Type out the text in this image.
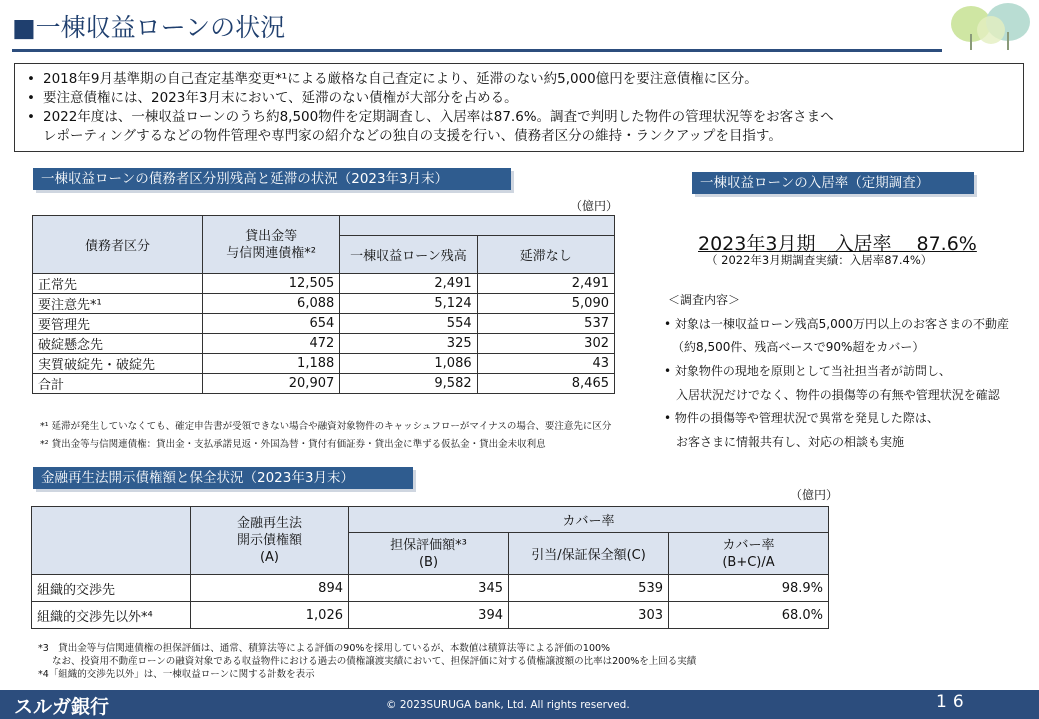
■一棟収益ローンの状況
• 2018年9月基準期の自己査定基準変更*¹による厳格な自己査定により、延滞のない約5,000億円を要注意債権に区分。
• 要注意債権には、2023年3月末において、延滞のない債権が大部分を占める。
• 2022年度は、一棟収益ローンのうち約8,500物件を定期調査し、入居率は87.6%。調査で判明した物件の管理状況等をお客さまへ
レポーティングするなどの物件管理や専門家の紹介などの独自の支援を行い、債務者区分の維持・ランクアップを目指す。
一棟収益ローンの債務者区分別残高と延滞の状況（2023年3月末）
（億円）
債務者区分	貸出金等
与信関連債権*²		
		一棟収益ローン残高	延滞なし
正常先	12,505	2,491	2,491
要注意先*¹	6,088	5,124	5,090
要管理先	654	554	537
破綻懸念先	472	325	302
実質破綻先・破綻先	1,188	1,086	43
合計	20,907	9,582	8,465
*¹ 延滞が発生していなくても、確定申告書が受領できない場合や融資対象物件のキャッシュフローがマイナスの場合、要注意先に区分
*² 貸出金等与信関連債権：貸出金・支払承諾見返・外国為替・貸付有価証券・貸出金に準ずる仮払金・貸出金未収利息
一棟収益ローンの入居率（定期調査）
2023年3月期　入居率　 87.6%
（ 2022年3月期調査実績：入居率87.4%）
＜調査内容＞
• 対象は一棟収益ローン残高5,000万円以上のお客さまの不動産
（約8,500件、残高ベースで90%超をカバー）
• 対象物件の現地を原則として当社担当者が訪問し、
入居状況だけでなく、物件の損傷等の有無や管理状況を確認
• 物件の損傷等や管理状況で異常を発見した際は、
お客さまに情報共有し、対応の相談も実施
金融再生法開示債権額と保全状況（2023年3月末）
（億円）
	金融再生法
開示債権額
(A)	カバー率		
		担保評価額*³
(B)	引当/保証保全額(C)	カバー率
(B+C)/A
組織的交渉先	894	345	539	98.9%
組織的交渉先以外*⁴	1,026	394	303	68.0%
*3　貸出金等与信関連債権の担保評価は、通常、積算法等による評価の90%を採用しているが、本数値は積算法等による評価の100%
なお、投資用不動産ローンの融資対象である収益物件における過去の債権譲渡実績において、担保評価に対する債権譲渡額の比率は200%を上回る実績
*4「組織的交渉先以外」は、一棟収益ローンに関する計数を表示
スルガ銀行	© 2023SURUGA bank, Ltd. All rights reserved.	16
